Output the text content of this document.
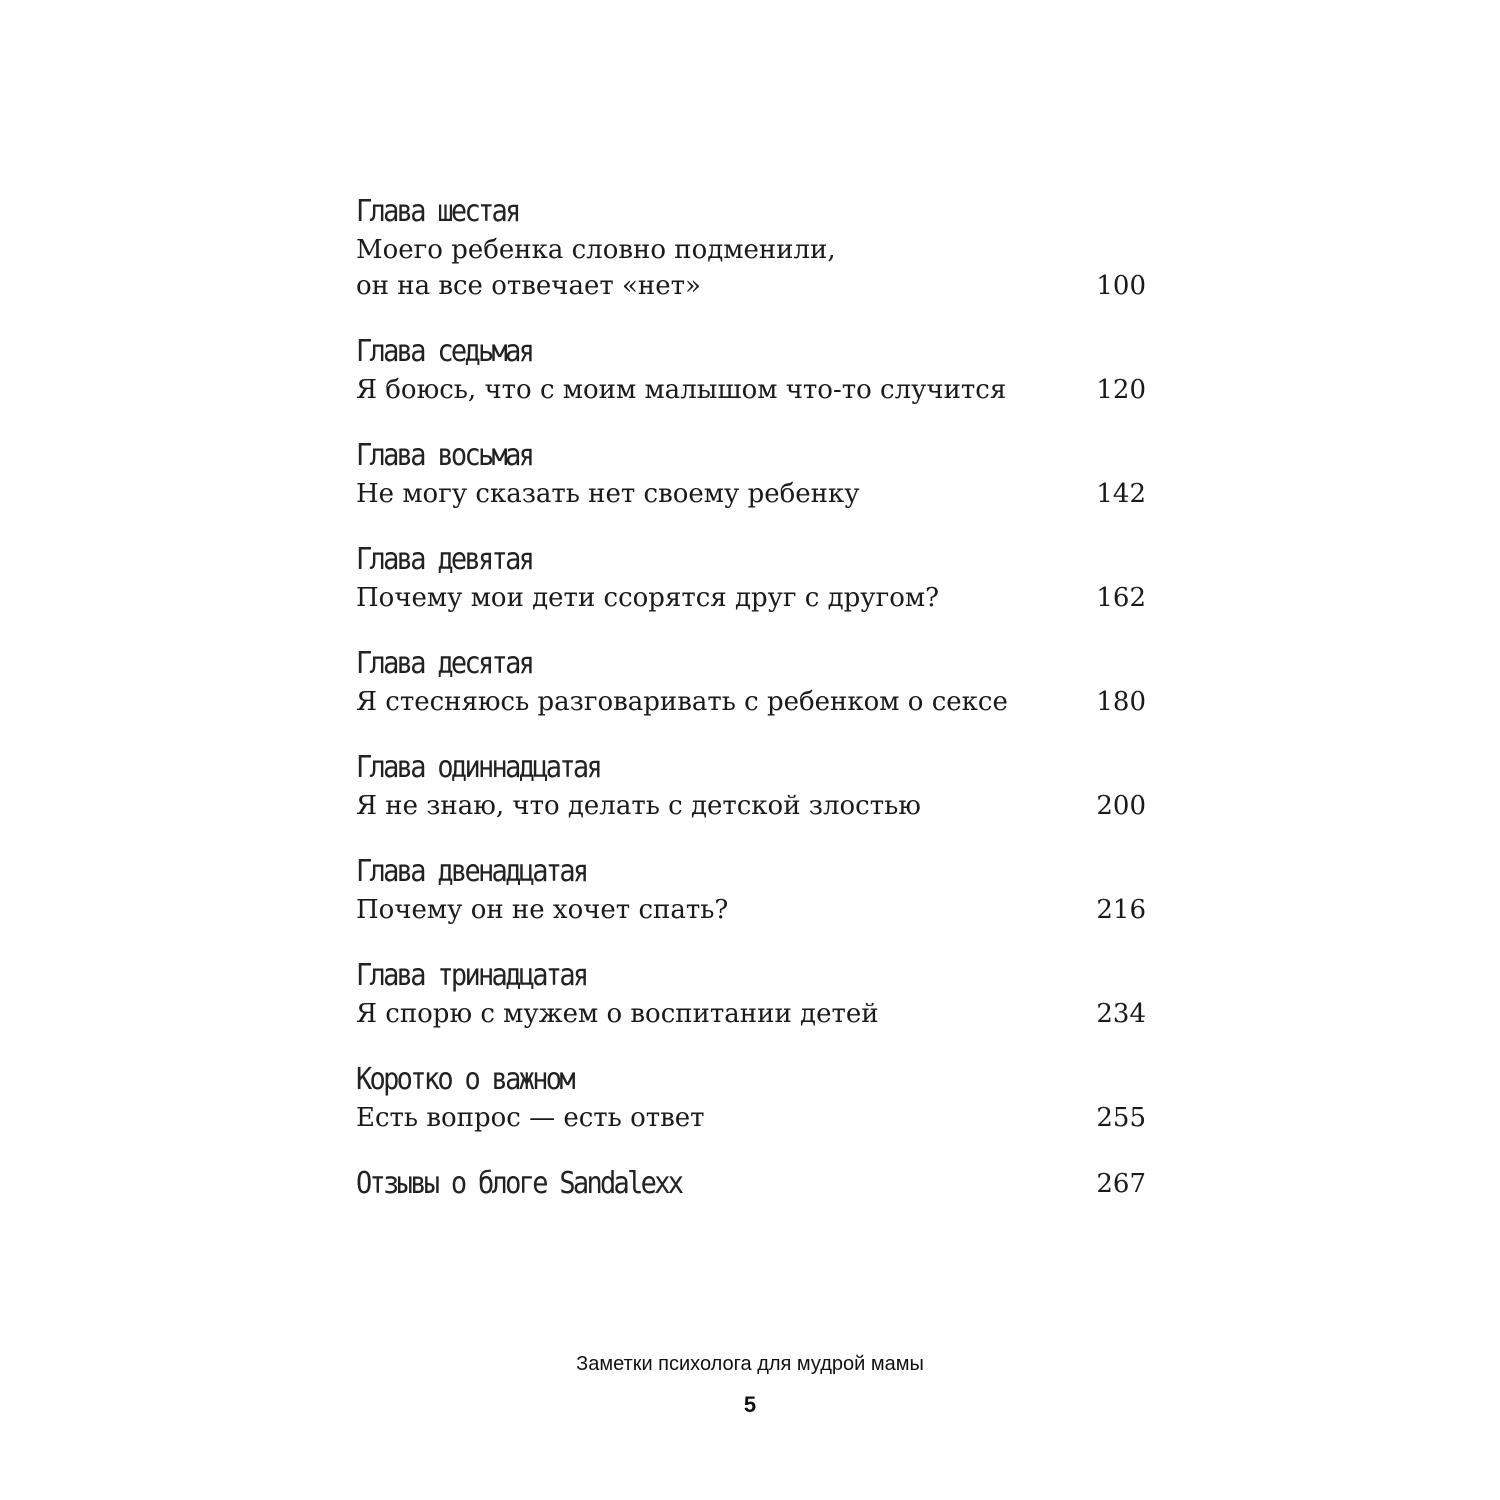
Глава шестая
Моего ребенка словно подменили,
он на все отвечает «нет»	100
Глава седьмая
Я боюсь, что с моим малышом что-то случится	120
Глава восьмая
Не могу сказать нет своему ребенку	142
Глава девятая
Почему мои дети ссорятся друг с другом?	162
Глава десятая
Я стесняюсь разговаривать с ребенком о сексе	180
Глава одиннадцатая
Я не знаю, что делать с детской злостью	200
Глава двенадцатая
Почему он не хочет спать?	216
Глава тринадцатая
Я спорю с мужем о воспитании детей	234
Коротко о важном
Есть вопрос — есть ответ	255
Отзывы о блоге Sandalexx	267
Заметки психолога для мудрой мамы
5
